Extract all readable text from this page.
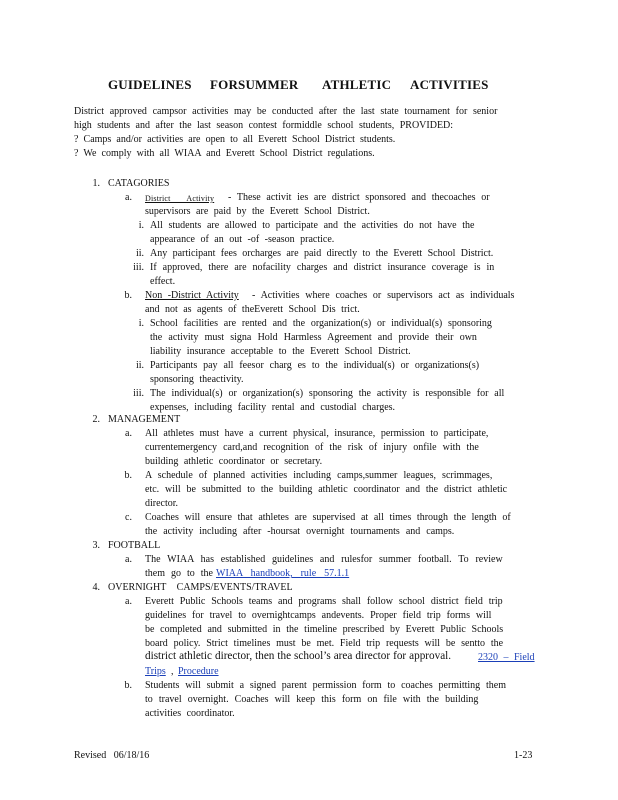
GUIDELINES FORSUMMER ATHLETIC ACTIVITIES
District approved campsor activities may be conducted after the last state tournament for senior
high students and after the last season contest formiddle school students, PROVIDED:
? Camps and/or activities are open to all Everett School District students.
? We comply with all WIAA and Everett School District regulations.
1. CATAGORIES
a. District Activity - These activit ies are district sponsored and thecoaches or
supervisors are paid by the Everett School District.
i. All students are allowed to participate and the activities do not have the
appearance of an out -of -season practice.
ii. Any participant fees orcharges are paid directly to the Everett School District.
iii. If approved, there are nofacility charges and district insurance coverage is in
effect.
b. Non -District Activity - Activities where coaches or supervisors act as individuals
and not as agents of theEverett School Dis trict.
i. School facilities are rented and the organization(s) or individual(s) sponsoring
the activity must signa Hold Harmless Agreement and provide their own
liability insurance acceptable to the Everett School District.
ii. Participants pay all feesor charg es to the individual(s) or organizations(s)
sponsoring theactivity.
iii. The individual(s) or organization(s) sponsoring the activity is responsible for all
expenses, including facility rental and custodial charges.
2. MANAGEMENT
a. All athletes must have a current physical, insurance, permission to participate,
currentemergency card,and recognition of the risk of injury onfile with the
building athletic coordinator or secretary.
b. A schedule of planned activities including camps,summer leagues, scrimmages,
etc. will be submitted to the building athletic coordinator and the district athletic
director.
c. Coaches will ensure that athletes are supervised at all times through the length of
the activity including after -hoursat overnight tournaments and camps.
3. FOOTBALL
a. The WIAA has established guidelines and rulesfor summer football. To review
them go to the WIAA handbook, rule 57.1.1
4. OVERNIGHT CAMPS/EVENTS/TRAVEL
a. Everett Public Schools teams and programs shall follow school district field trip
guidelines for travel to overnightcamps andevents. Proper field trip forms will
be completed and submitted in the timeline prescribed by Everett Public Schools
board policy. Strict timelines must be met. Field trip requests will be sentto the
district athletic director, then the school’s area director for approval.	2320 – Field
Trips , Procedure
b. Students will submit a signed parent permission form to coaches permitting them
to travel overnight. Coaches will keep this form on file with the building
activities coordinator.
Revised 06/18/16	1-23
